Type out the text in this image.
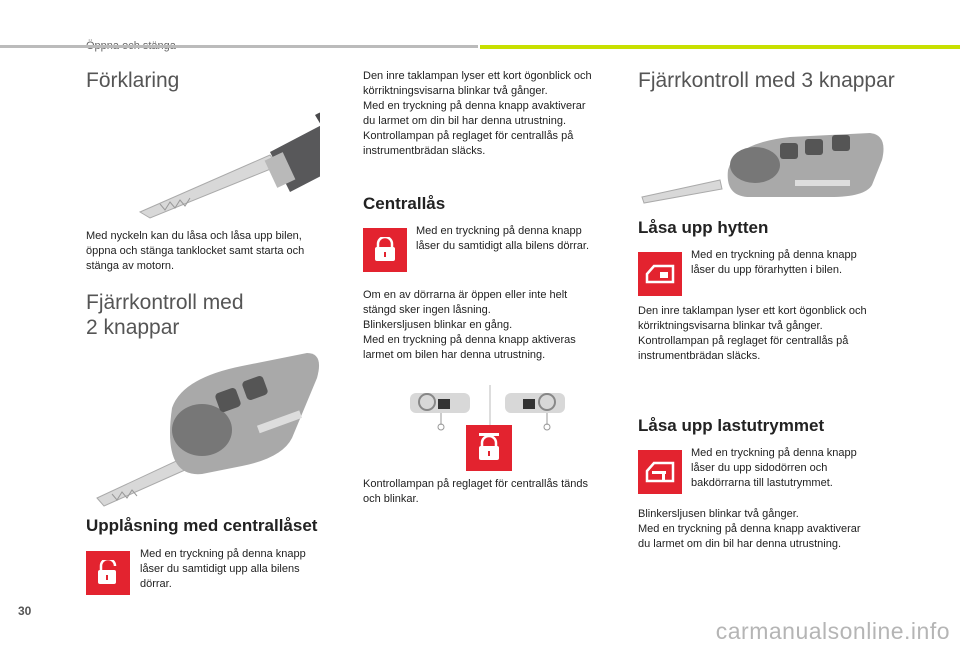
Förklaring

Med nyckeln kan du låsa och låsa upp bilen,
öppna och stänga tanklocket samt starta och
stänga av motorn.

Fjärrkontroll med
2 knappar
Upplåsning med centrallåset

Med en tryckning på denna knapp
låser du samtidigt upp alla bilens
dörrar.

Den inre taklampan lyser ett kort ögonblick och
körriktningsvisarna blinkar två gånger.
Med en tryckning på denna knapp avaktiverar
du larmet om din bil har denna utrustning.
Kontrollampan på reglaget för centrallås på
instrumentbrädan släcks.

Centrallås

Med en tryckning på denna knapp
låser du samtidigt alla bilens dörrar.

Om en av dörrarna är öppen eller inte helt
stängd sker ingen låsning.
Blinkersljusen blinkar en gång.
Med en tryckning på denna knapp aktiveras
larmet om bilen har denna utrustning.

Kontrollampan på reglaget för centrallås tänds
och blinkar.

Fjärrkontroll med 3 knappar
Låsa upp hytten

Med en tryckning på denna knapp
låser du upp förarhytten i bilen.

Den inre taklampan lyser ett kort ögonblick och
körriktningsvisarna blinkar två gånger.
Kontrollampan på reglaget för centrallås på
instrumentbrädan släcks.

Låsa upp lastutrymmet

Med en tryckning på denna knapp
låser du upp sidodörren och
bakdörrarna till lastutrymmet.

Blinkersljusen blinkar två gånger.
Med en tryckning på denna knapp avaktiverar
du larmet om din bil har denna utrustning.

30
carmanualsonline.info
